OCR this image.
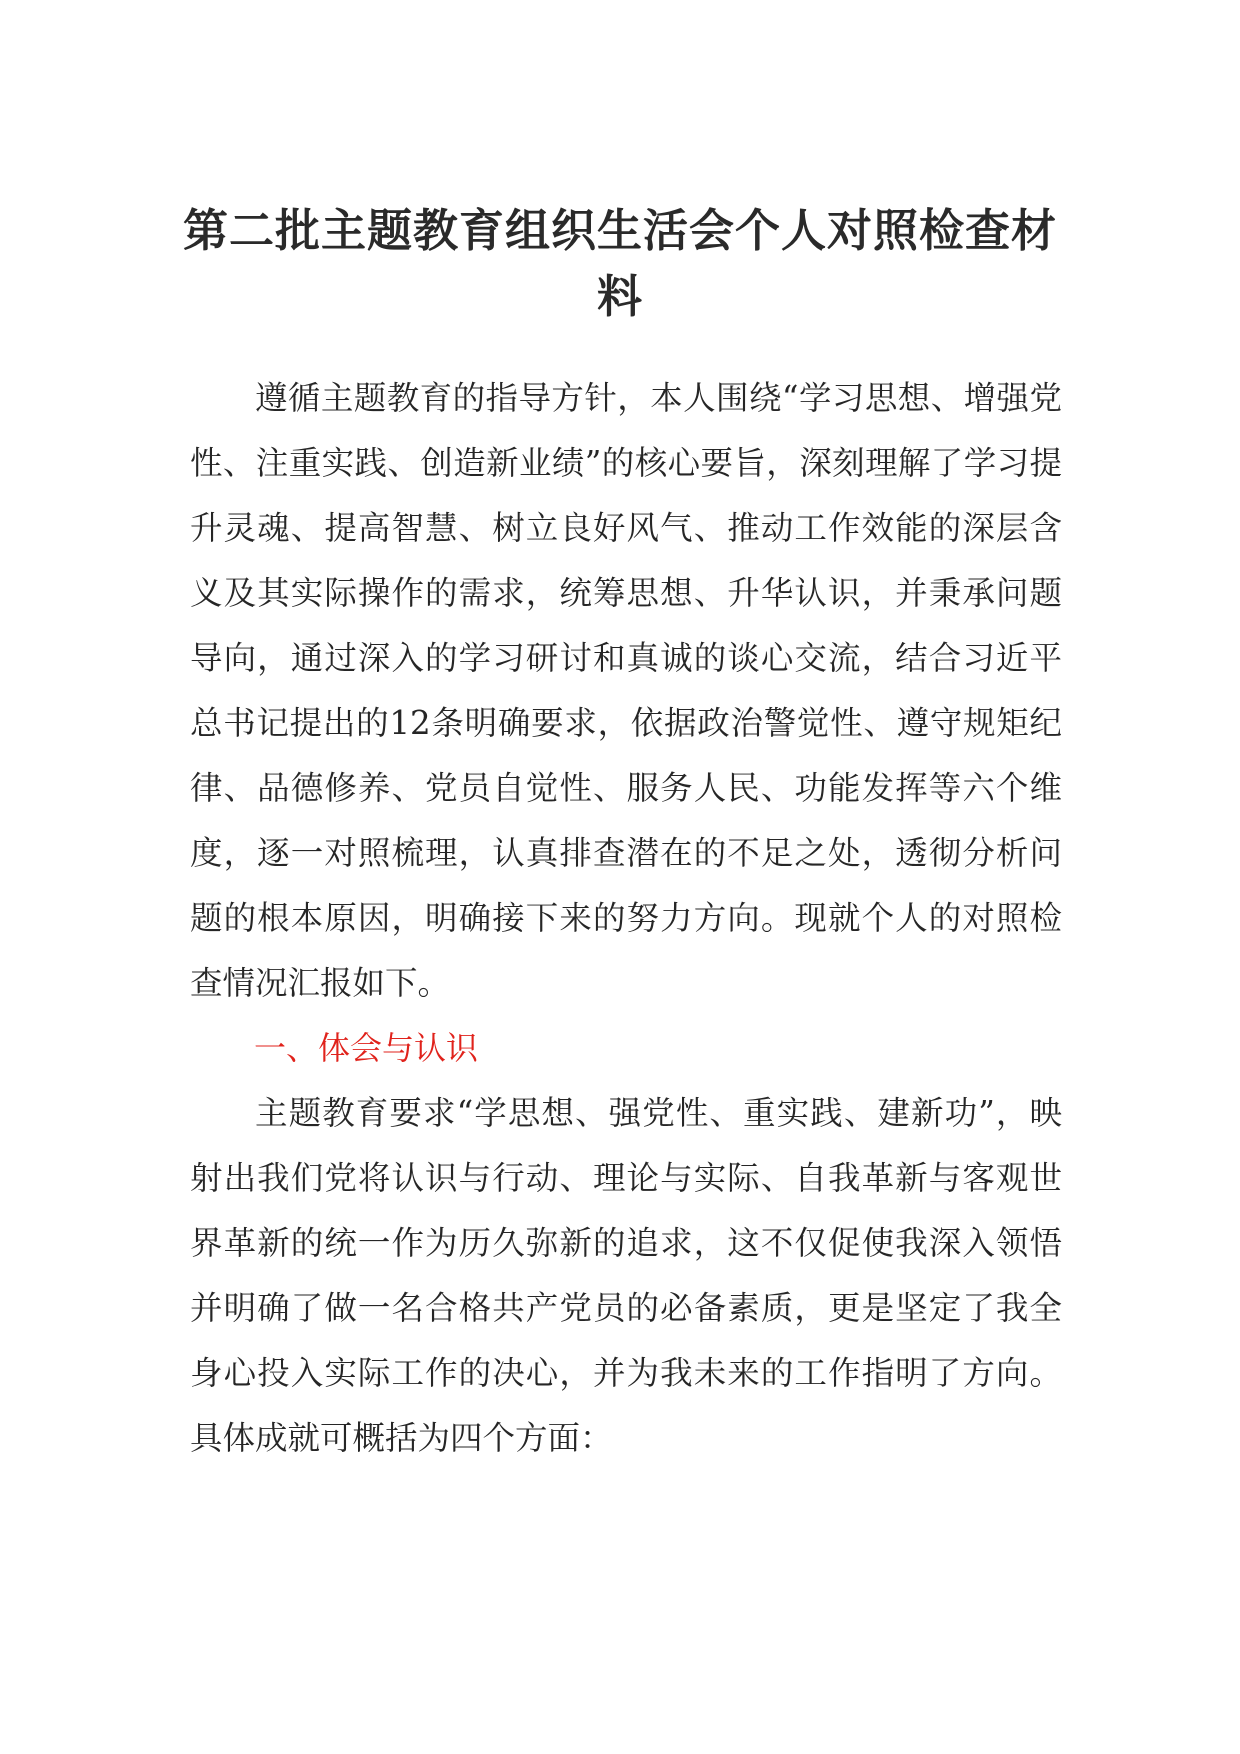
第二批主题教育组织生活会个人对照检查材料

遵循主题教育的指导方针，本人围绕“学习思想、增强党性、注重实践、创造新业绩”的核心要旨，深刻理解了学习提升灵魂、提高智慧、树立良好风气、推动工作效能的深层含义及其实际操作的需求，统筹思想、升华认识，并秉承问题导向，通过深入的学习研讨和真诚的谈心交流，结合习近平总书记提出的12条明确要求，依据政治警觉性、遵守规矩纪律、品德修养、党员自觉性、服务人民、功能发挥等六个维度，逐一对照梳理，认真排查潜在的不足之处，透彻分析问题的根本原因，明确接下来的努力方向。现就个人的对照检查情况汇报如下。

一、体会与认识

主题教育要求“学思想、强党性、重实践、建新功”，映射出我们党将认识与行动、理论与实际、自我革新与客观世界革新的统一作为历久弥新的追求，这不仅促使我深入领悟并明确了做一名合格共产党员的必备素质，更是坚定了我全身心投入实际工作的决心，并为我未来的工作指明了方向。具体成就可概括为四个方面：
